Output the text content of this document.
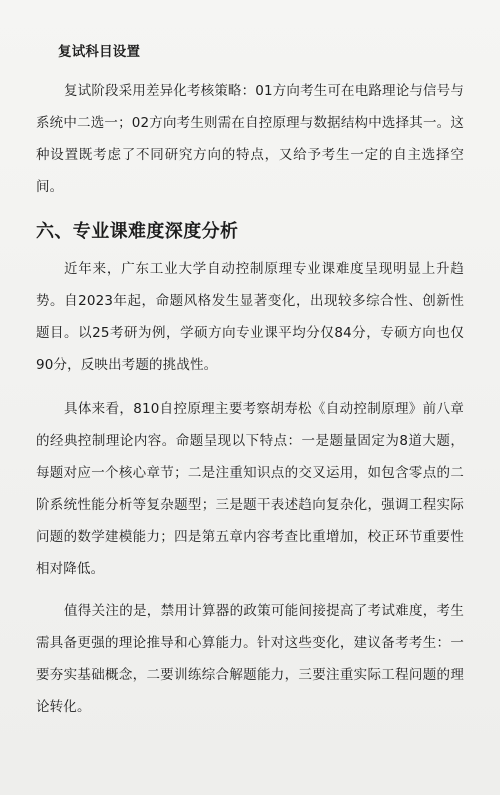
复试科目设置

复试阶段采用差异化考核策略：01方向考生可在电路理论与信号与系统中二选一；02方向考生则需在自控原理与数据结构中选择其一。这种设置既考虑了不同研究方向的特点，又给予考生一定的自主选择空间。

六、专业课难度深度分析

近年来，广东工业大学自动控制原理专业课难度呈现明显上升趋势。自2023年起，命题风格发生显著变化，出现较多综合性、创新性题目。以25考研为例，学硕方向专业课平均分仅84分，专硕方向也仅90分，反映出考题的挑战性。

具体来看，810自控原理主要考察胡寿松《自动控制原理》前八章的经典控制理论内容。命题呈现以下特点：一是题量固定为8道大题，每题对应一个核心章节；二是注重知识点的交叉运用，如包含零点的二阶系统性能分析等复杂题型；三是题干表述趋向复杂化，强调工程实际问题的数学建模能力；四是第五章内容考查比重增加，校正环节重要性相对降低。

值得关注的是，禁用计算器的政策可能间接提高了考试难度，考生需具备更强的理论推导和心算能力。针对这些变化，建议备考考生：一要夯实基础概念，二要训练综合解题能力，三要注重实际工程问题的理论转化。
